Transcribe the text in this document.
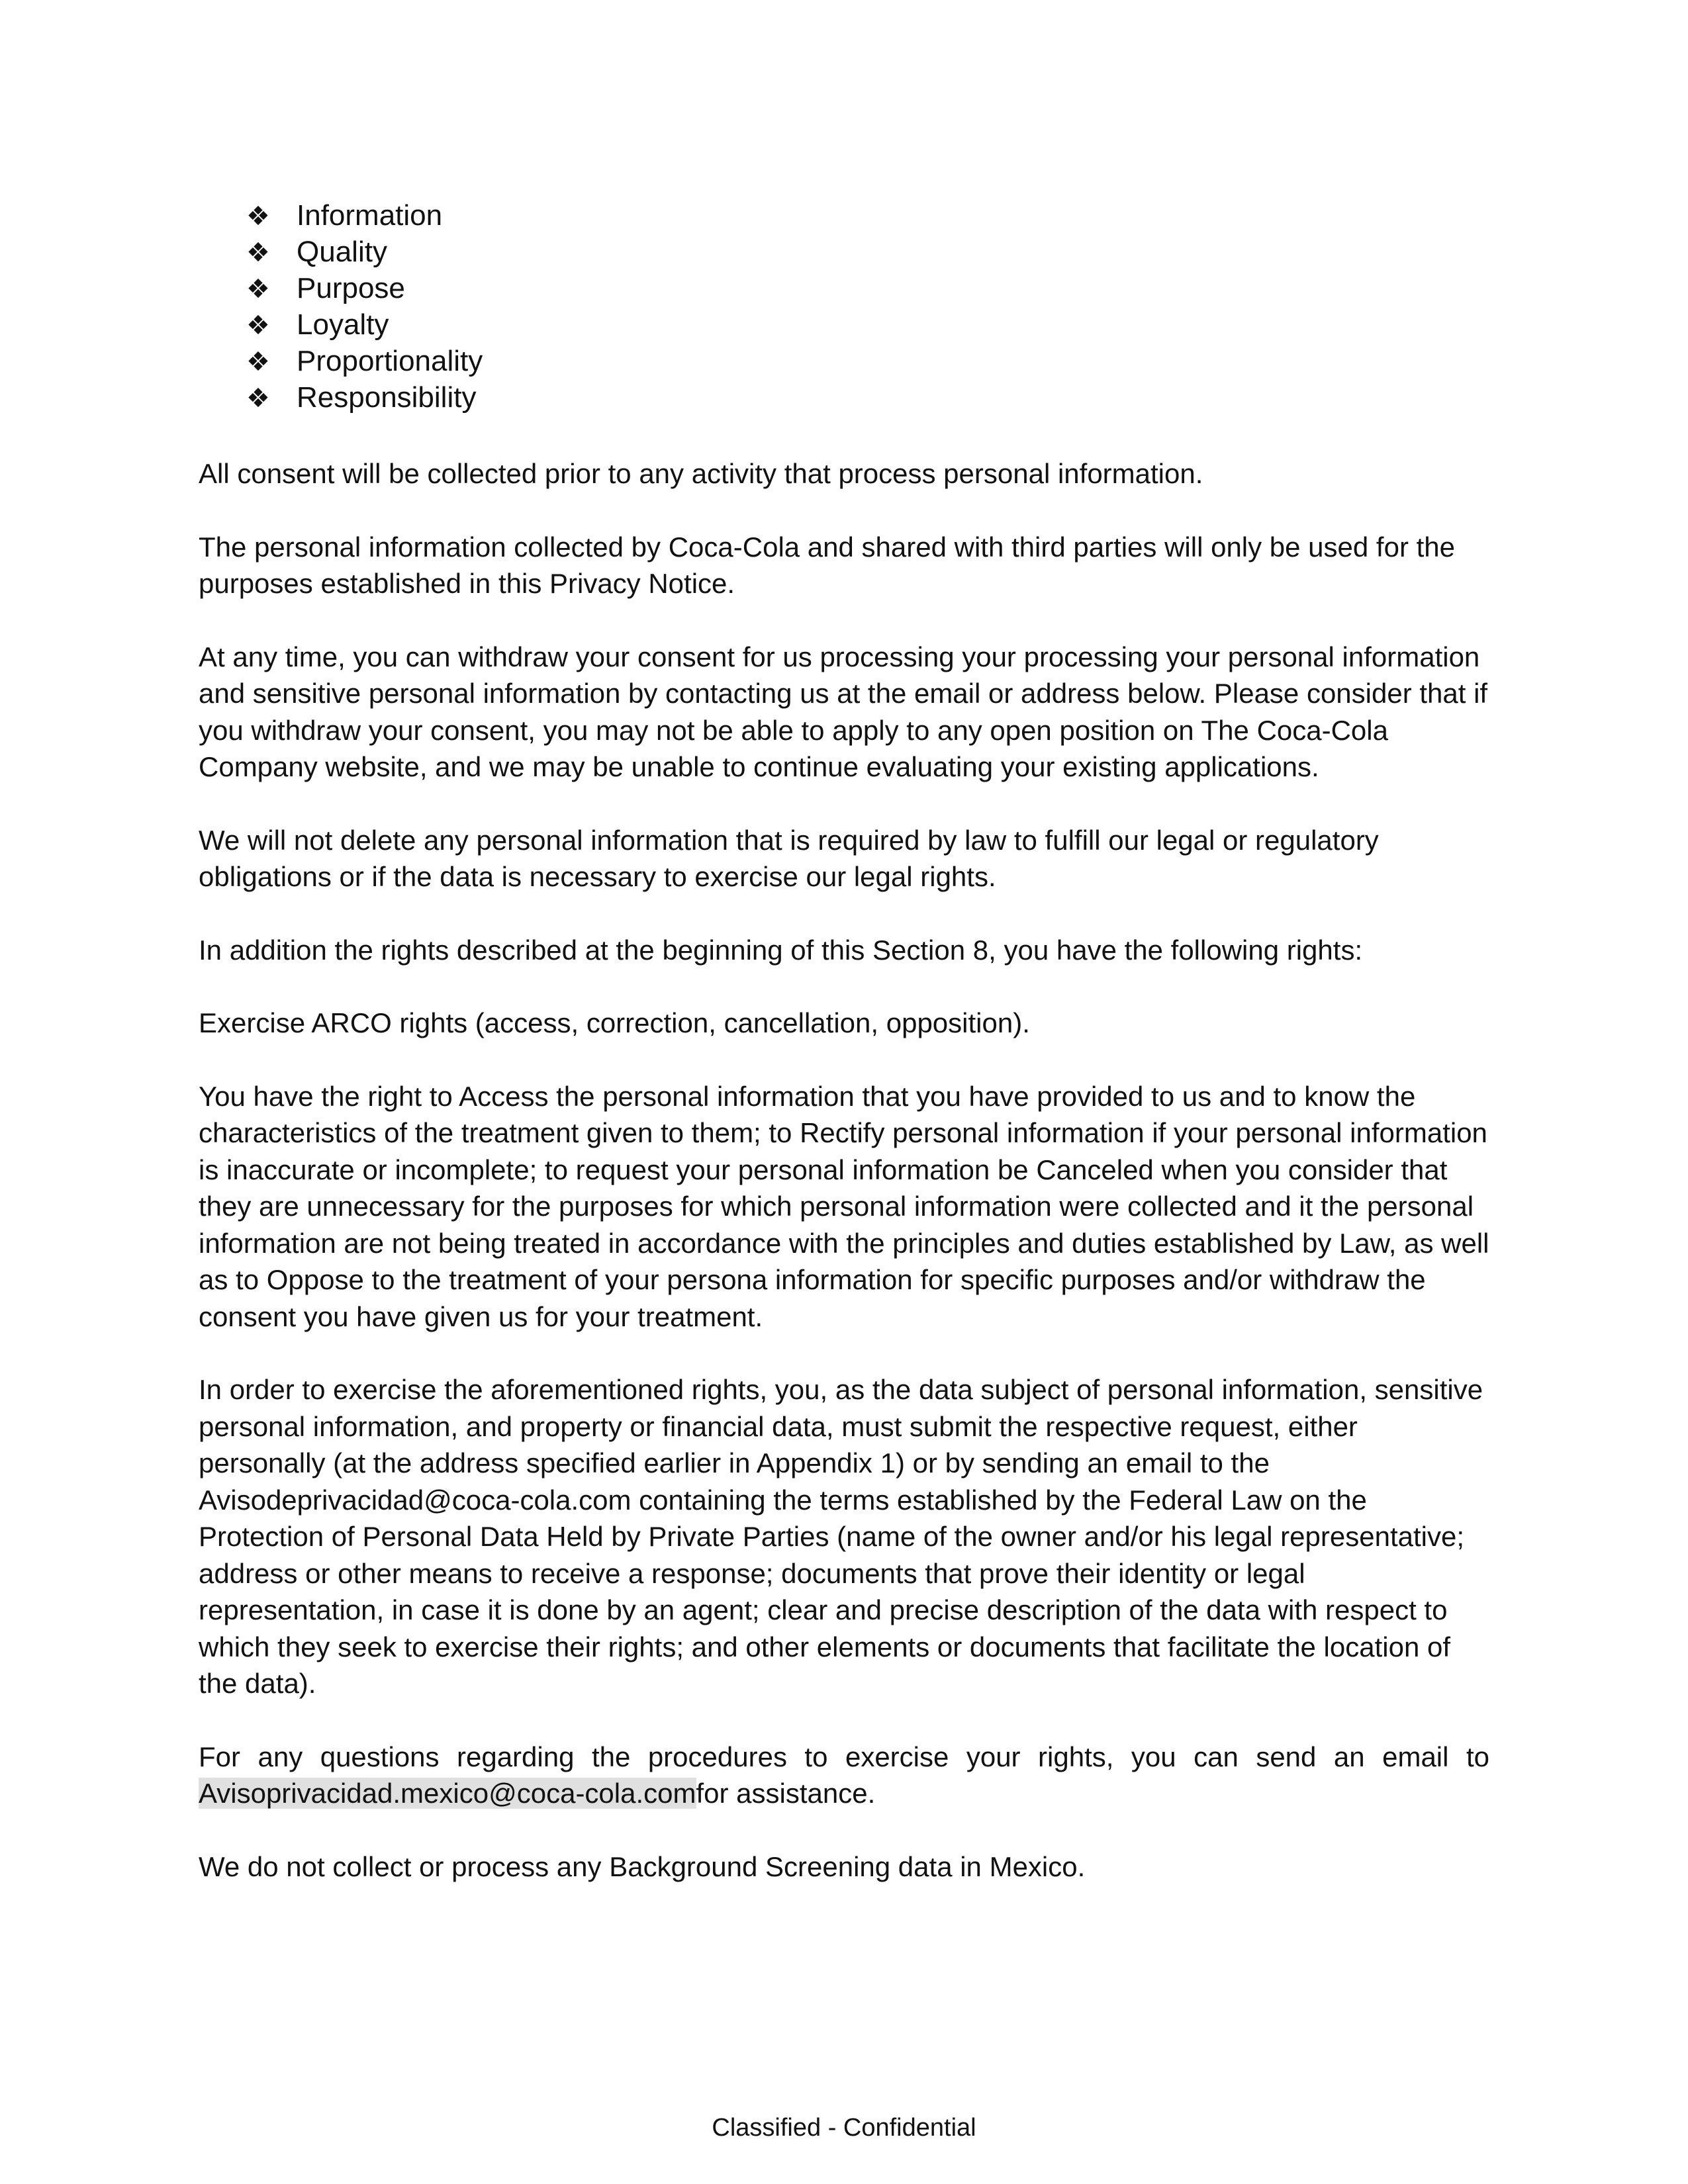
❖ Information
❖ Quality
❖ Purpose
❖ Loyalty
❖ Proportionality
❖ Responsibility

All consent will be collected prior to any activity that process personal information.

The personal information collected by Coca-Cola and shared with third parties will only be used for the purposes established in this Privacy Notice.

At any time, you can withdraw your consent for us processing your processing your personal information and sensitive personal information by contacting us at the email or address below. Please consider that if you withdraw your consent, you may not be able to apply to any open position on The Coca-Cola Company website, and we may be unable to continue evaluating your existing applications.

We will not delete any personal information that is required by law to fulfill our legal or regulatory obligations or if the data is necessary to exercise our legal rights.

In addition the rights described at the beginning of this Section 8, you have the following rights:

Exercise ARCO rights (access, correction, cancellation, opposition).

You have the right to Access the personal information that you have provided to us and to know the characteristics of the treatment given to them; to Rectify personal information if your personal information is inaccurate or incomplete; to request your personal information be Canceled when you consider that they are unnecessary for the purposes for which personal information were collected and it the personal information are not being treated in accordance with the principles and duties established by Law, as well as to Oppose to the treatment of your persona information for specific purposes and/or withdraw the consent you have given us for your treatment.

In order to exercise the aforementioned rights, you, as the data subject of personal information, sensitive personal information, and property or financial data, must submit the respective request, either personally (at the address specified earlier in Appendix 1) or by sending an email to the Avisodeprivacidad@coca-cola.com containing the terms established by the Federal Law on the Protection of Personal Data Held by Private Parties (name of the owner and/or his legal representative; address or other means to receive a response; documents that prove their identity or legal representation, in case it is done by an agent; clear and precise description of the data with respect to which they seek to exercise their rights; and other elements or documents that facilitate the location of the data).

For any questions regarding the procedures to exercise your rights, you can send an email to Avisoprivacidad.mexico@coca-cola.comfor assistance.

We do not collect or process any Background Screening data in Mexico.

Classified - Confidential
